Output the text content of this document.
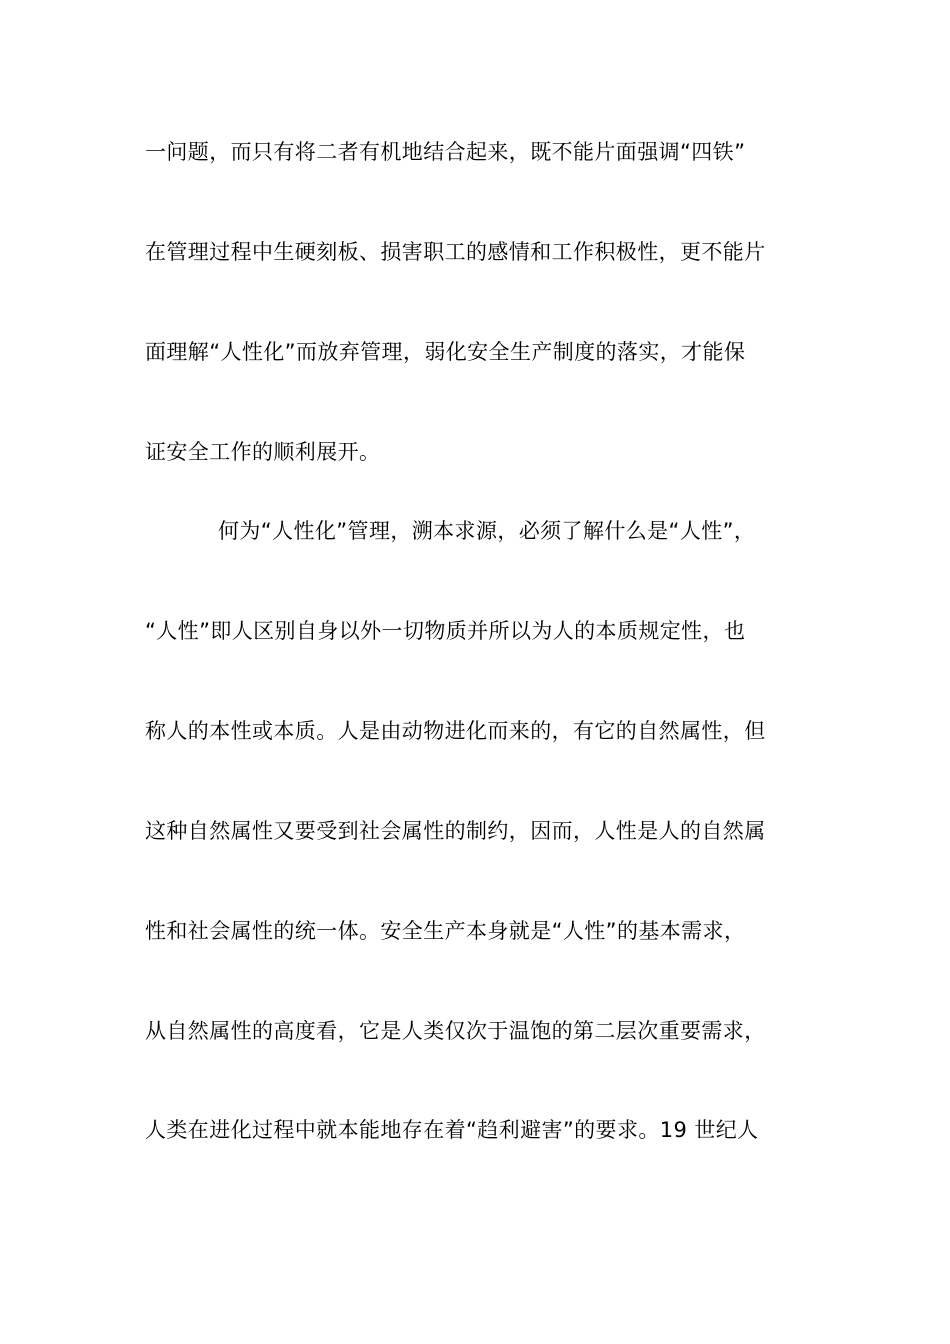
一问题，而只有将二者有机地结合起来，既不能片面强调“四铁”
在管理过程中生硬刻板、损害职工的感情和工作积极性，更不能片
面理解“人性化”而放弃管理，弱化安全生产制度的落实，才能保
证安全工作的顺利展开。
何为“人性化”管理，溯本求源，必须了解什么是“人性”，
“人性”即人区别自身以外一切物质并所以为人的本质规定性，也
称人的本性或本质。人是由动物进化而来的，有它的自然属性，但
这种自然属性又要受到社会属性的制约，因而，人性是人的自然属
性和社会属性的统一体。安全生产本身就是“人性”的基本需求，
从自然属性的高度看，它是人类仅次于温饱的第二层次重要需求，
人类在进化过程中就本能地存在着“趋利避害”的要求。19 世纪人
